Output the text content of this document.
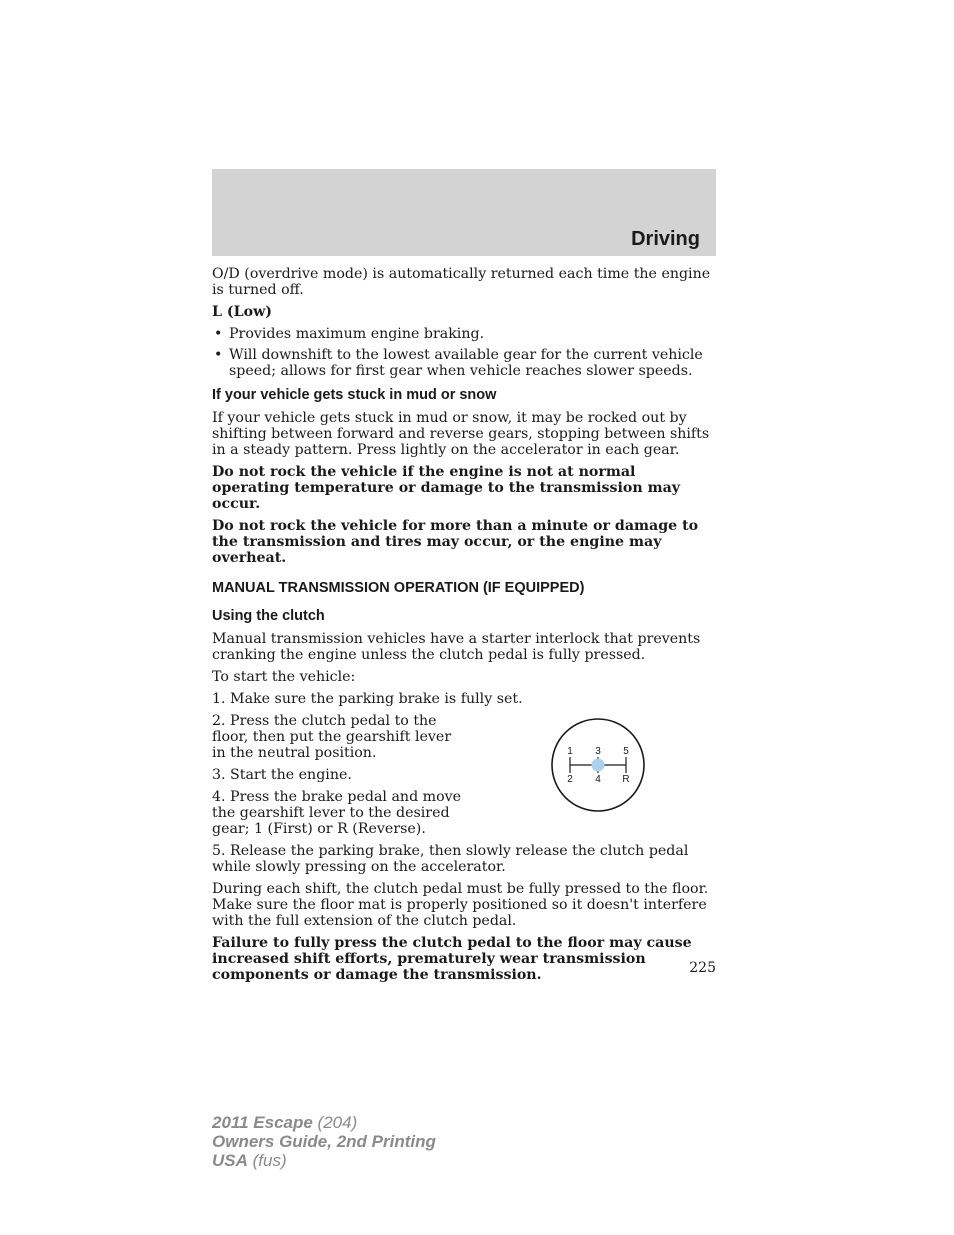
Driving

O/D (overdrive mode) is automatically returned each time the engine is turned off.

L (Low)

• Provides maximum engine braking.
• Will downshift to the lowest available gear for the current vehicle speed; allows for first gear when vehicle reaches slower speeds.
If your vehicle gets stuck in mud or snow

If your vehicle gets stuck in mud or snow, it may be rocked out by shifting between forward and reverse gears, stopping between shifts in a steady pattern. Press lightly on the accelerator in each gear.

Do not rock the vehicle if the engine is not at normal operating temperature or damage to the transmission may occur.

Do not rock the vehicle for more than a minute or damage to the transmission and tires may occur, or the engine may overheat.

MANUAL TRANSMISSION OPERATION (IF EQUIPPED)
Using the clutch

Manual transmission vehicles have a starter interlock that prevents cranking the engine unless the clutch pedal is fully pressed.

To start the vehicle:

1. Make sure the parking brake is fully set.

2. Press the clutch pedal to the floor, then put the gearshift lever in the neutral position.

3. Start the engine.

4. Press the brake pedal and move the gearshift lever to the desired gear; 1 (First) or R (Reverse).

1 3 5
2 4 R

5. Release the parking brake, then slowly release the clutch pedal while slowly pressing on the accelerator.

During each shift, the clutch pedal must be fully pressed to the floor. Make sure the floor mat is properly positioned so it doesn't interfere with the full extension of the clutch pedal.

Failure to fully press the clutch pedal to the floor may cause increased shift efforts, prematurely wear transmission components or damage the transmission.	225
2011 Escape (204)
Owners Guide, 2nd Printing
USA (fus)
